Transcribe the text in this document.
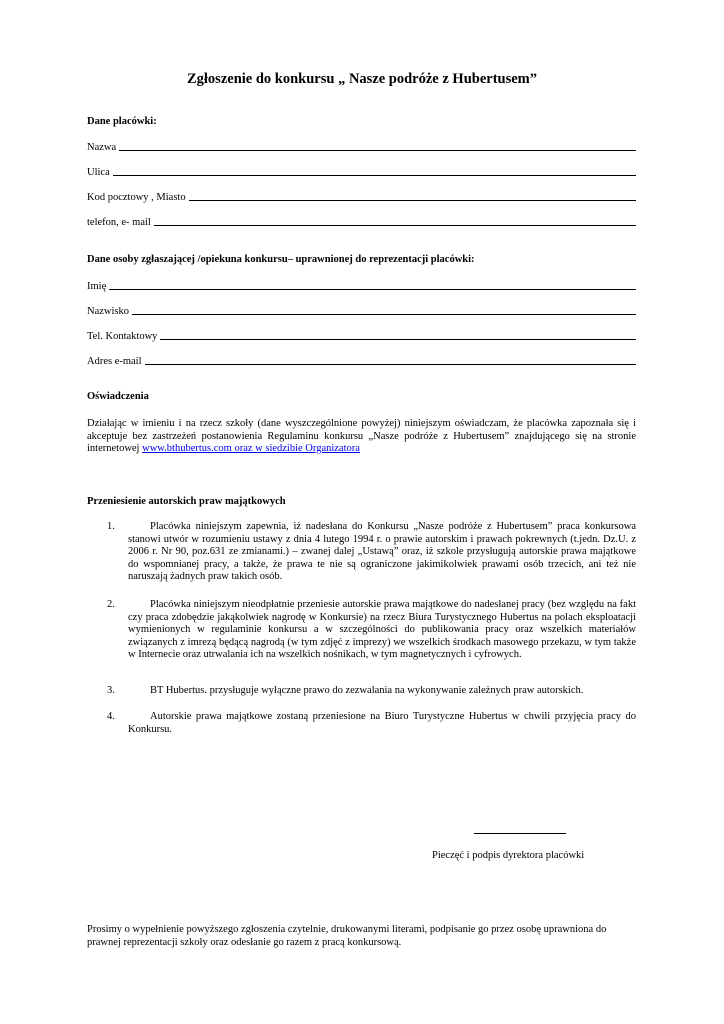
Zgłoszenie do konkursu „ Nasze podróże z Hubertusem”

Dane placówki:

Nazwa
Ulica
Kod pocztowy , Miasto
telefon, e- mail

Dane osoby zgłaszającej /opiekuna konkursu– uprawnionej do reprezentacji placówki:

Imię
Nazwisko
Tel. Kontaktowy
Adres e-mail

Oświadczenia

Działając w imieniu i na rzecz szkoły (dane wyszczególnione powyżej) niniejszym oświadczam, że placówka zapoznała się i akceptuje bez zastrzeżeń postanowienia Regulaminu konkursu „Nasze podróże z Hubertusem” znajdującego się na stronie internetowej www.bthubertus.com oraz w siedzibie Organizatora

Przeniesienie autorskich praw majątkowych

1.	Placówka niniejszym zapewnia, iż nadesłana do Konkursu „Nasze podróże z Hubertusem” praca konkursowa stanowi utwór w rozumieniu ustawy z dnia 4 lutego 1994 r. o prawie autorskim i prawach pokrewnych (t.jedn. Dz.U. z 2006 r. Nr 90, poz.631 ze zmianami.) – zwanej dalej „Ustawą” oraz, iż szkole przysługują autorskie prawa majątkowe do wspomnianej pracy, a także, że prawa te nie są ograniczone jakimikolwiek prawami osób trzecich, ani też nie naruszają żadnych praw takich osób.
2.	Placówka niniejszym nieodpłatnie przeniesie autorskie prawa majątkowe do nadesłanej pracy (bez względu na fakt czy praca zdobędzie jakąkolwiek nagrodę w Konkursie) na rzecz Biura Turystycznego Hubertus na polach eksploatacji wymienionych w regulaminie konkursu a w szczególności do publikowania pracy oraz wszelkich materiałów związanych z imrezą będącą nagrodą (w tym zdjęć z imprezy) we wszelkich środkach masowego przekazu, w tym także w Internecie oraz utrwalania ich na wszelkich nośnikach, w tym magnetycznych i cyfrowych.
3.	BT Hubertus. przysługuje wyłączne prawo do zezwalania na wykonywanie zależnych praw autorskich.
4.	Autorskie prawa majątkowe zostaną przeniesione na Biuro Turystyczne Hubertus w chwili przyjęcia pracy do Konkursu.
Pieczęć i podpis dyrektora placówki
Prosimy o wypełnienie powyższego zgłoszenia czytelnie, drukowanymi literami, podpisanie go przez osobę uprawniona do prawnej reprezentacji szkoły oraz odesłanie go razem z pracą konkursową.
